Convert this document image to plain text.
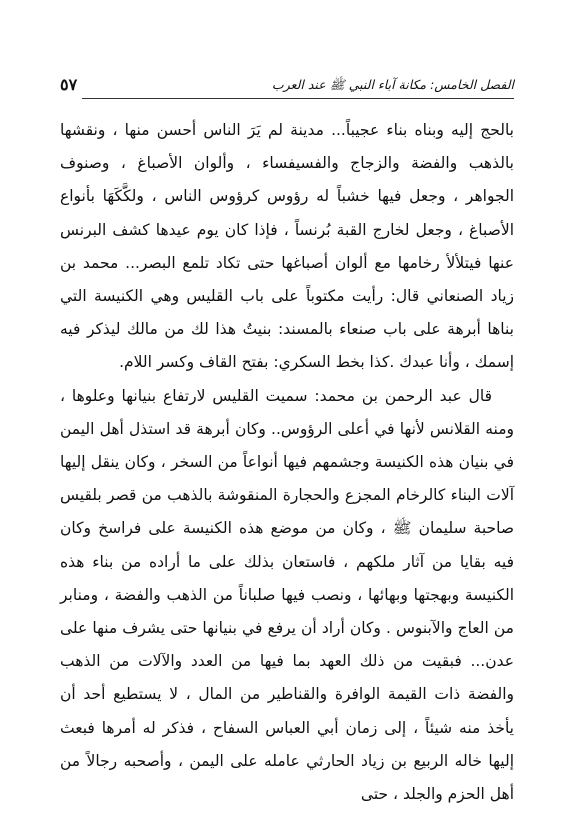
٥٧	الفصل الخامس: مكانة آباء النبي ﷺ عند العرب

بالحج إليه وبناه بناء عجيباً... مدينة لم يَرَ الناس أحسن منها ، ونقشها بالذهب والفضة والزجاج والفسيفساء ، وألوان الأصباغ ، وصنوف الجواهر ، وجعل فيها خشباً له رؤوس كرؤوس الناس ، ولكَّكَهَا بأنواع الأصباغ ، وجعل لخارج القبة بُرنساً ، فإذا كان يوم عيدها كشف البرنس عنها فيتلألأ رخامها مع ألوان أصباغها حتى تكاد تلمع البصر... محمد بن زياد الصنعاني قال: رأيت مكتوباً على باب القليس وهي الكنيسة التي بناها أبرهة على باب صنعاء بالمسند: بنيتُ هذا لك من مالك ليذكر فيه إسمك ، وأنا عبدك .كذا بخط السكري: بفتح القاف وكسر اللام.

قال عبد الرحمن بن محمد: سميت القليس لارتفاع بنيانها وعلوها ، ومنه القلانس لأنها في أعلى الرؤوس.. وكان أبرهة قد استذل أهل اليمن في بنيان هذه الكنيسة وجشمهم فيها أنواعاً من السخر ، وكان ينقل إليها آلات البناء كالرخام المجزع والحجارة المنقوشة بالذهب من قصر بلقيس صاحبة سليمان ﷺ ، وكان من موضع هذه الكنيسة على فراسخ وكان فيه بقايا من آثار ملكهم ، فاستعان بذلك على ما أراده من بناء هذه الكنيسة وبهجتها وبهائها ، ونصب فيها صلباناً من الذهب والفضة ، ومنابر من العاج والآبنوس . وكان أراد أن يرفع في بنيانها حتى يشرف منها على عدن... فبقيت من ذلك العهد بما فيها من العدد والآلات من الذهب والفضة ذات القيمة الوافرة والقناطير من المال ، لا يستطيع أحد أن يأخذ منه شيئاً ، إلى زمان أبي العباس السفاح ، فذكر له أمرها فبعث إليها خاله الربيع بن زياد الحارثي عامله على اليمن ، وأصحبه رجالاً من أهل الحزم والجلد ، حتى
